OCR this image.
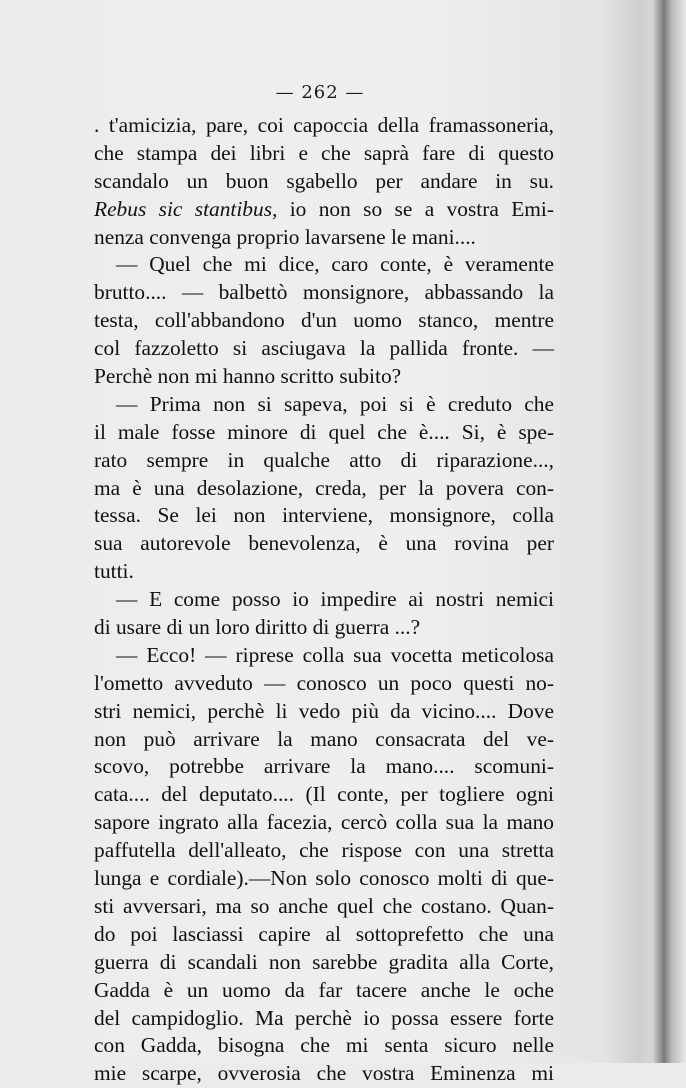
— 262 —
. t'amicizia, pare, coi capoccia della framassoneria,
che stampa dei libri e che saprà fare di questo
scandalo un buon sgabello per andare in su.
Rebus sic stantibus, io non so se a vostra Emi-
nenza convenga proprio lavarsene le mani....
— Quel che mi dice, caro conte, è veramente
brutto.... — balbettò monsignore, abbassando la
testa, coll'abbandono d'un uomo stanco, mentre
col fazzoletto si asciugava la pallida fronte. —
Perchè non mi hanno scritto subito?
— Prima non si sapeva, poi si è creduto che
il male fosse minore di quel che è.... Si, è spe-
rato sempre in qualche atto di riparazione...,
ma è una desolazione, creda, per la povera con-
tessa. Se lei non interviene, monsignore, colla
sua autorevole benevolenza, è una rovina per
tutti.
— E come posso io impedire ai nostri nemici
di usare di un loro diritto di guerra ...?
— Ecco! — riprese colla sua vocetta meticolosa
l'ometto avveduto — conosco un poco questi no-
stri nemici, perchè li vedo più da vicino.... Dove
non può arrivare la mano consacrata del ve-
scovo, potrebbe arrivare la mano.... scomuni-
cata.... del deputato.... (Il conte, per togliere ogni
sapore ingrato alla facezia, cercò colla sua la mano
paffutella dell'alleato, che rispose con una stretta
lunga e cordiale).—Non solo conosco molti di que-
sti avversari, ma so anche quel che costano. Quan-
do poi lasciassi capire al sottoprefetto che una
guerra di scandali non sarebbe gradita alla Corte,
Gadda è un uomo da far tacere anche le oche
del campidoglio. Ma perchè io possa essere forte
con Gadda, bisogna che mi senta sicuro nelle
mie scarpe, ovverosia che vostra Eminenza mi
